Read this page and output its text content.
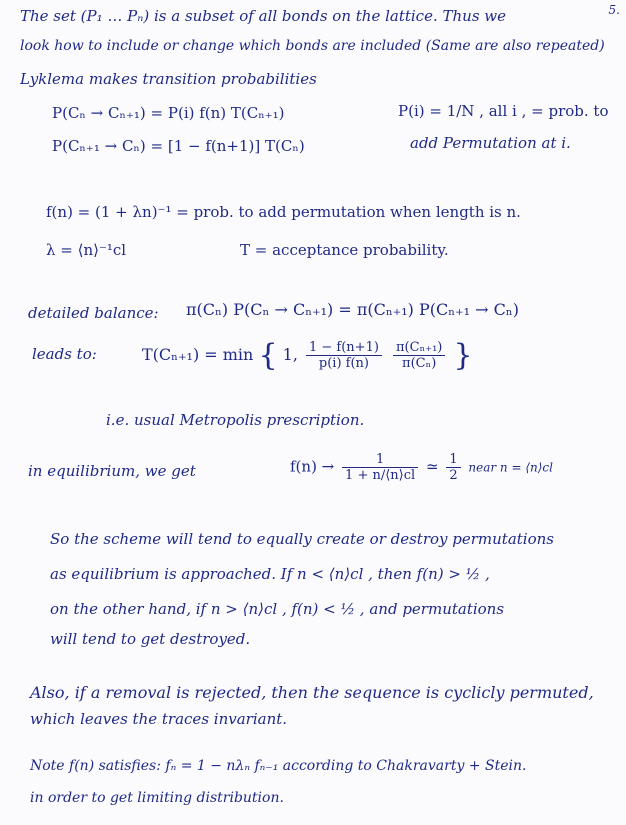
5.
The set (P₁ … Pₙ) is a subset of all bonds on the lattice. Thus we
look how to include or change which bonds are included (Same are also repeated)
Lyklema makes transition probabilities
P(Cₙ → Cₙ₊₁) = P(i) f(n) T(Cₙ₊₁)
P(Cₙ₊₁ → Cₙ) = [1 − f(n+1)] T(Cₙ)
P(i) = 1/N , all i , = prob. to
add Permutation at i.
f(n) = (1 + λn)⁻¹ = prob. to add permutation when length is n.
λ = ⟨n⟩⁻¹cl	T = acceptance probability.
detailed balance: π(Cₙ) P(Cₙ → Cₙ₊₁) = π(Cₙ₊₁) P(Cₙ₊₁ → Cₙ)
leads to:	T(Cₙ₊₁) = min { 1, $\frac{1 - f(n+1)}{p(i) f(n)}$
$\frac{\text{π(Cₙ₊₁)}}{\text{π(Cₙ)}}$ }
i.e. usual Metropolis prescription.
in equilibrium, we get	$f(n) \to \frac{1}{1 + n/⟨n⟩cl}$ ≃ $\frac{1}{2}$ near n = ⟨n⟩cl
So the scheme will tend to equally create or destroy permutations
as equilibrium is approached. If n < ⟨n⟩cl , then f(n) > ½ ,
on the other hand, if n > ⟨n⟩cl , f(n) < ½ , and permutations
will tend to get destroyed.
Also, if a removal is rejected, then the sequence is cyclicly permuted,
which leaves the traces invariant.
Note f(n) satisfies: fₙ = 1 − nλₙ fₙ₋₁ according to Chakravarty + Stein.
in order to get limiting distribution.
